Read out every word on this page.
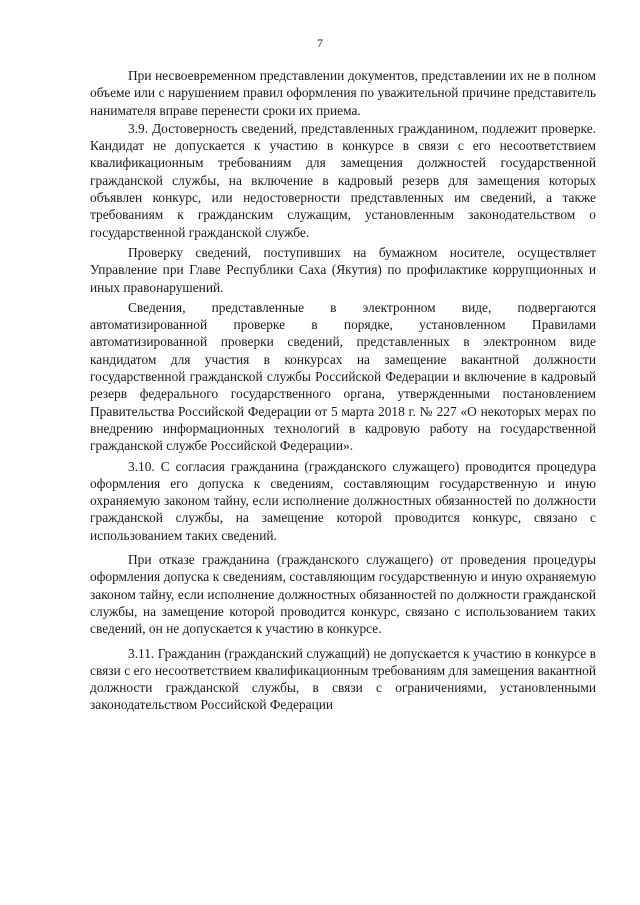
7

При несвоевременном представлении документов, представлении их не в полном объеме или с нарушением правил оформления по уважительной причине представитель нанимателя вправе перенести сроки их приема.

3.9. Достоверность сведений, представленных гражданином, подлежит проверке. Кандидат не допускается к участию в конкурсе в связи с его несоответствием квалификационным требованиям для замещения должностей государственной гражданской службы, на включение в кадровый резерв для замещения которых объявлен конкурс, или недостоверности представленных им сведений, а также требованиям к гражданским служащим, установленным законодательством о государственной гражданской службе.

Проверку сведений, поступивших на бумажном носителе, осуществляет Управление при Главе Республики Саха (Якутия) по профилактике коррупционных и иных правонарушений.

Сведения, представленные в электронном виде, подвергаются автоматизированной проверке в порядке, установленном Правилами автоматизированной проверки сведений, представленных в электронном виде кандидатом для участия в конкурсах на замещение вакантной должности государственной гражданской службы Российской Федерации и включение в кадровый резерв федерального государственного органа, утвержденными постановлением Правительства Российской Федерации от 5 марта 2018 г. № 227 «О некоторых мерах по внедрению информационных технологий в кадровую работу на государственной гражданской службе Российской Федерации».

3.10. С согласия гражданина (гражданского служащего) проводится процедура оформления его допуска к сведениям, составляющим государственную и иную охраняемую законом тайну, если исполнение должностных обязанностей по должности гражданской службы, на замещение которой проводится конкурс, связано с использованием таких сведений.

При отказе гражданина (гражданского служащего) от проведения процедуры оформления допуска к сведениям, составляющим государственную и иную охраняемую законом тайну, если исполнение должностных обязанностей по должности гражданской службы, на замещение которой проводится конкурс, связано с использованием таких сведений, он не допускается к участию в конкурсе.

3.11. Гражданин (гражданский служащий) не допускается к участию в конкурсе в связи с его несоответствием квалификационным требованиям для замещения вакантной должности гражданской службы, в связи с ограничениями, установленными законодательством Российской Федерации
